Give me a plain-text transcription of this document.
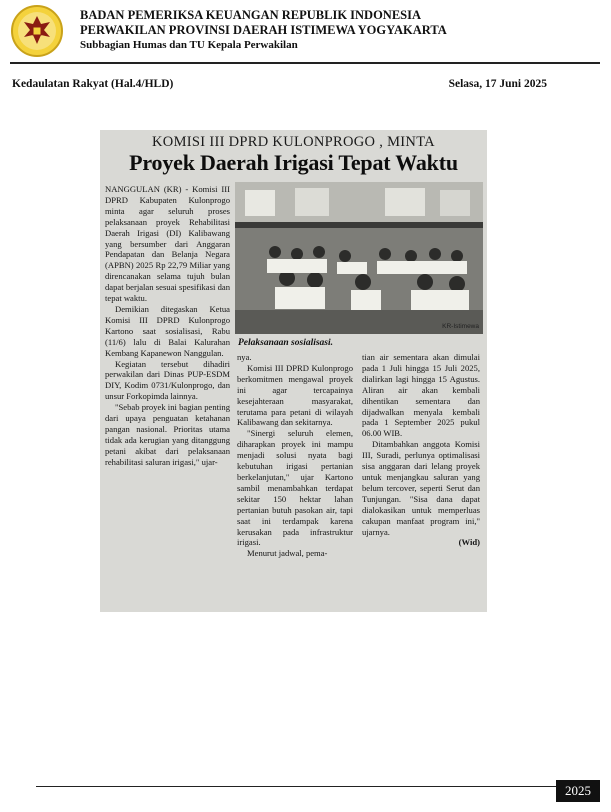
BADAN PEMERIKSA KEUANGAN REPUBLIK INDONESIA
PERWAKILAN PROVINSI DAERAH ISTIMEWA YOGYAKARTA
Subbagian Humas dan TU Kepala Perwakilan
Kedaulatan Rakyat (Hal.4/HLD)	Selasa, 17 Juni 2025
KOMISI III DPRD KULONPROGO , MINTA
Proyek Daerah Irigasi Tepat Waktu
KR-Istimewa
Pelaksanaan sosialisasi.

NANGGULAN (KR) - Komisi III DPRD Kabupaten Kulonprogo minta agar seluruh proses pelaksanaan proyek Rehabilitasi Daerah Irigasi (DI) Kalibawang yang bersumber dari Anggaran Pendapatan dan Belanja Negara (APBN) 2025 Rp 22,79 Miliar yang direncanakan selama tujuh bulan dapat berjalan sesuai spesifikasi dan tepat waktu.

Demikian ditegaskan Ketua Komisi III DPRD Kulonprogo Kartono saat sosialisasi, Rabu (11/6) lalu di Balai Kalurahan Kembang Kapanewon Nanggulan.

Kegiatan tersebut dihadiri perwakilan dari Dinas PUP-ESDM DIY, Kodim 0731/Kulonprogo, dan unsur Forkopimda lainnya.

"Sebab proyek ini bagian penting dari upaya penguatan ketahanan pangan nasional. Prioritas utama tidak ada kerugian yang ditanggung petani akibat dari pelaksanaan rehabilitasi saluran irigasi," ujar-

nya.

Komisi III DPRD Kulonprogo berkomitmen mengawal proyek ini agar tercapainya kesejahteraan masyarakat, terutama para petani di wilayah Kalibawang dan sekitarnya.

"Sinergi seluruh elemen, diharapkan proyek ini mampu menjadi solusi nyata bagi kebutuhan irigasi pertanian berkelanjutan," ujar Kartono sambil menambahkan terdapat sekitar 150 hektar lahan pertanian butuh pasokan air, tapi saat ini terdampak karena kerusakan pada infrastruktur irigasi.

Menurut jadwal, pema-

tian air sementara akan dimulai pada 1 Juli hingga 15 Juli 2025, dialirkan lagi hingga 15 Agustus. Aliran air akan kembali dihentikan sementara dan dijadwalkan menyala kembali pada 1 September 2025 pukul 06.00 WIB.

Ditambahkan anggota Komisi III, Suradi, perlunya optimalisasi sisa anggaran dari lelang proyek untuk menjangkau saluran yang belum tercover, seperti Serut dan Tunjungan. "Sisa dana dapat dialokasikan untuk memperluas cakupan manfaat program ini," ujarnya.

(Wid)
2025
